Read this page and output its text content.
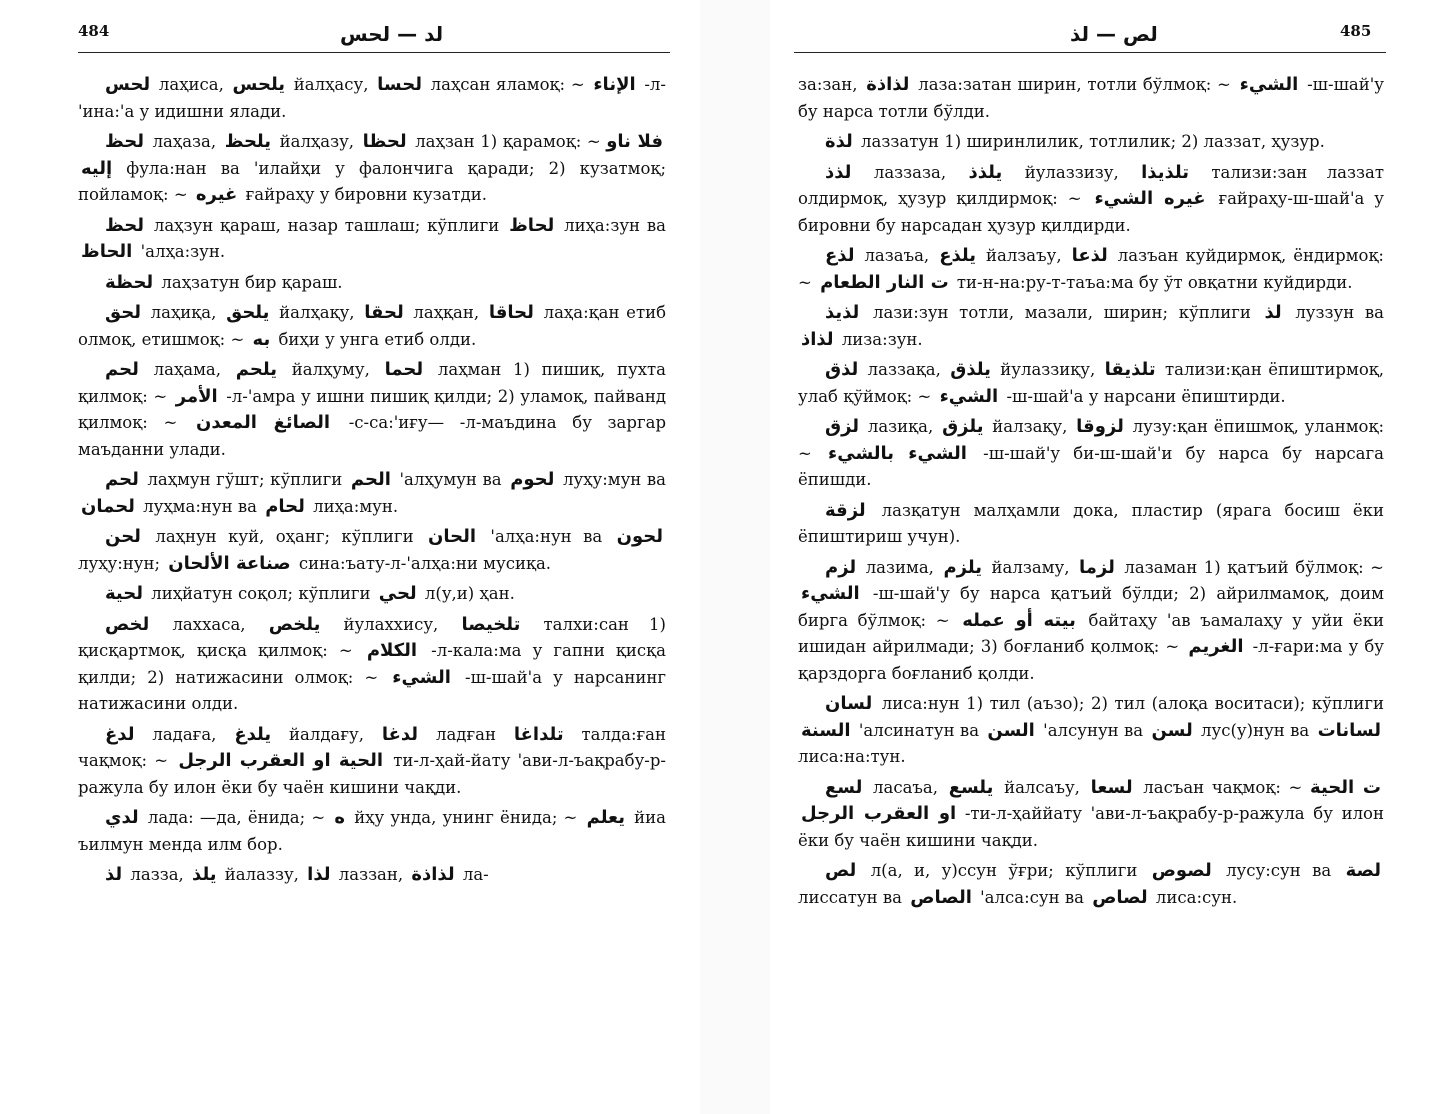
484	لد — لحس

لحس лаҳиса, يلحس йалҳасу, لحسا лаҳсан яламоқ: ~ الإناء -л-'ина:'а у идишни ялади.

لحظ лаҳаза, يلحظ йалҳазу, لحظا лаҳзан 1) қарамоқ: ~ فلا ناو إليه фула:нан ва 'илайҳи у фалончига қаради; 2) кузатмоқ; пойламоқ: ~ غيره ғайраҳу у бировни кузатди.

لحظ лаҳзун қараш, назар ташлаш; кўплиги لحاظ лиҳа:зун ва الحاظ 'алҳа:зун.

لحظة лаҳзатун бир қараш.

لحق лаҳиқа, يلحق йалҳақу, لحقا лаҳқан, لحاقا лаҳа:қан етиб олмоқ, етишмоқ: ~ به биҳи у унга етиб олди.

لحم лаҳама, يلحم йалҳуму, لحما лаҳман 1) пишиқ, пухта қилмоқ: ~ الأمر -л-'амра у ишни пишиқ қилди; 2) уламоқ, пайванд қилмоқ: ~ الصائغ المعدن -с-са:'иғу— -л-маъдина бу заргар маъданни улади.

لحم лаҳмун гўшт; кўплиги الحم 'алҳумун ва لحوم луҳу:мун ва لحمان луҳма:нун ва لحام лиҳа:мун.

لحن лаҳнун куй, оҳанг; кўплиги الحان 'алҳа:нун ва لحون луҳу:нун; صناعة الألحان сина:ъату-л-'алҳа:ни мусиқа.

لحية лиҳйатун соқол; кўплиги لحي л(у,и) ҳан.

لخص лаххаса, يلخص йулаххису, تلخيصا талхи:сан 1) қисқартмоқ, қисқа қилмоқ: ~ الكلام -л-кала:ма у гапни қисқа қилди; 2) натижасини олмоқ: ~ الشيء -ш-шай'а у нарсанинг натижасини олди.

لدغ ладаға, يلدغ йалдағу, لدغا ладған تلداغا талда:ған чақмоқ: ~ الحية او العقرب الرجل ти-л-ҳай-йату 'ави-л-ъақрабу-р-ражула бу илон ёки бу чаён кишини чақди.

لدي лада: —да, ёнида; ~ ه йҳу унда, унинг ёнида; ~ يعلم йиа ъилмун менда илм бор.

لذ лазза, يلذ йалаззу, لذا лаззан, لذاذة ла-

485
لص — لذ

за:зан, لذاذة лаза:затан ширин, тотли бўлмоқ: ~ الشيء -ш-шай'у бу нарса тотли бўлди.

لذة лаззатун 1) ширинлилик, тотлилик; 2) лаззат, ҳузур.

لذذ лаззаза, يلذذ йулаззизу, تلذيذا тализи:зан лаззат олдирмоқ, ҳузур қилдирмоқ: ~ غيره الشيء ғайраҳу-ш-шай'а у бировни бу нарсадан ҳузур қилдирди.

لذع лазаъа, يلذع йалзаъу, لذعا лазъан куйдирмоқ, ёндирмоқ: ~ ت النار الطعام ти-н-на:ру-т-таъа:ма бу ўт овқатни куйдирди.

لذيذ лази:зун тотли, мазали, ширин; кўплиги لذ луззун ва لذاذ лиза:зун.

لذق лаззақа, يلذق йулаззиқу, تلذيقا тализи:қан ёпиштирмоқ, улаб қўймоқ: ~ الشيء -ш-шай'а у нарсани ёпиштирди.

لزق лазиқа, يلزق йалзақу, لزوقا лузу:қан ёпишмоқ, уланмоқ: ~ الشيء بالشيء -ш-шай'у би-ш-шай'и бу нарса бу нарсага ёпишди.

لزقة лазқатун малҳамли дока, пластир (ярага босиш ёки ёпиштириш учун).

لزم лазима, يلزم йалзаму, لزما лазаман 1) қатъий бўлмоқ: ~ الشيء -ш-шай'у бу нарса қатъий бўлди; 2) айрилмамоқ, доим бирга бўлмоқ: ~ بيته أو عمله байтаҳу 'ав ъамалаҳу у уйи ёки ишидан айрилмади; 3) боғланиб қолмоқ: ~ الغريم -л-ғари:ма у бу қарздорга боғланиб қолди.

لسان лиса:нун 1) тил (аъзо); 2) тил (алоқа воситаси); кўплиги السنة 'алсинатун ва السن 'алсунун ва لسن лус(у)нун ва لسانات лиса:на:тун.

لسع ласаъа, يلسع йалсаъу, لسعا ласъан чақмоқ: ~ ت الحية او العقرب الرجل -ти-л-ҳаййату 'ави-л-ъақрабу-р-ражула бу илон ёки бу чаён кишини чақди.

لص л(а, и, у)ссун ўғри; кўплиги لصوص лусу:сун ва لصة лиссатун ва الصاص 'алса:сун ва لصاص лиса:сун.
